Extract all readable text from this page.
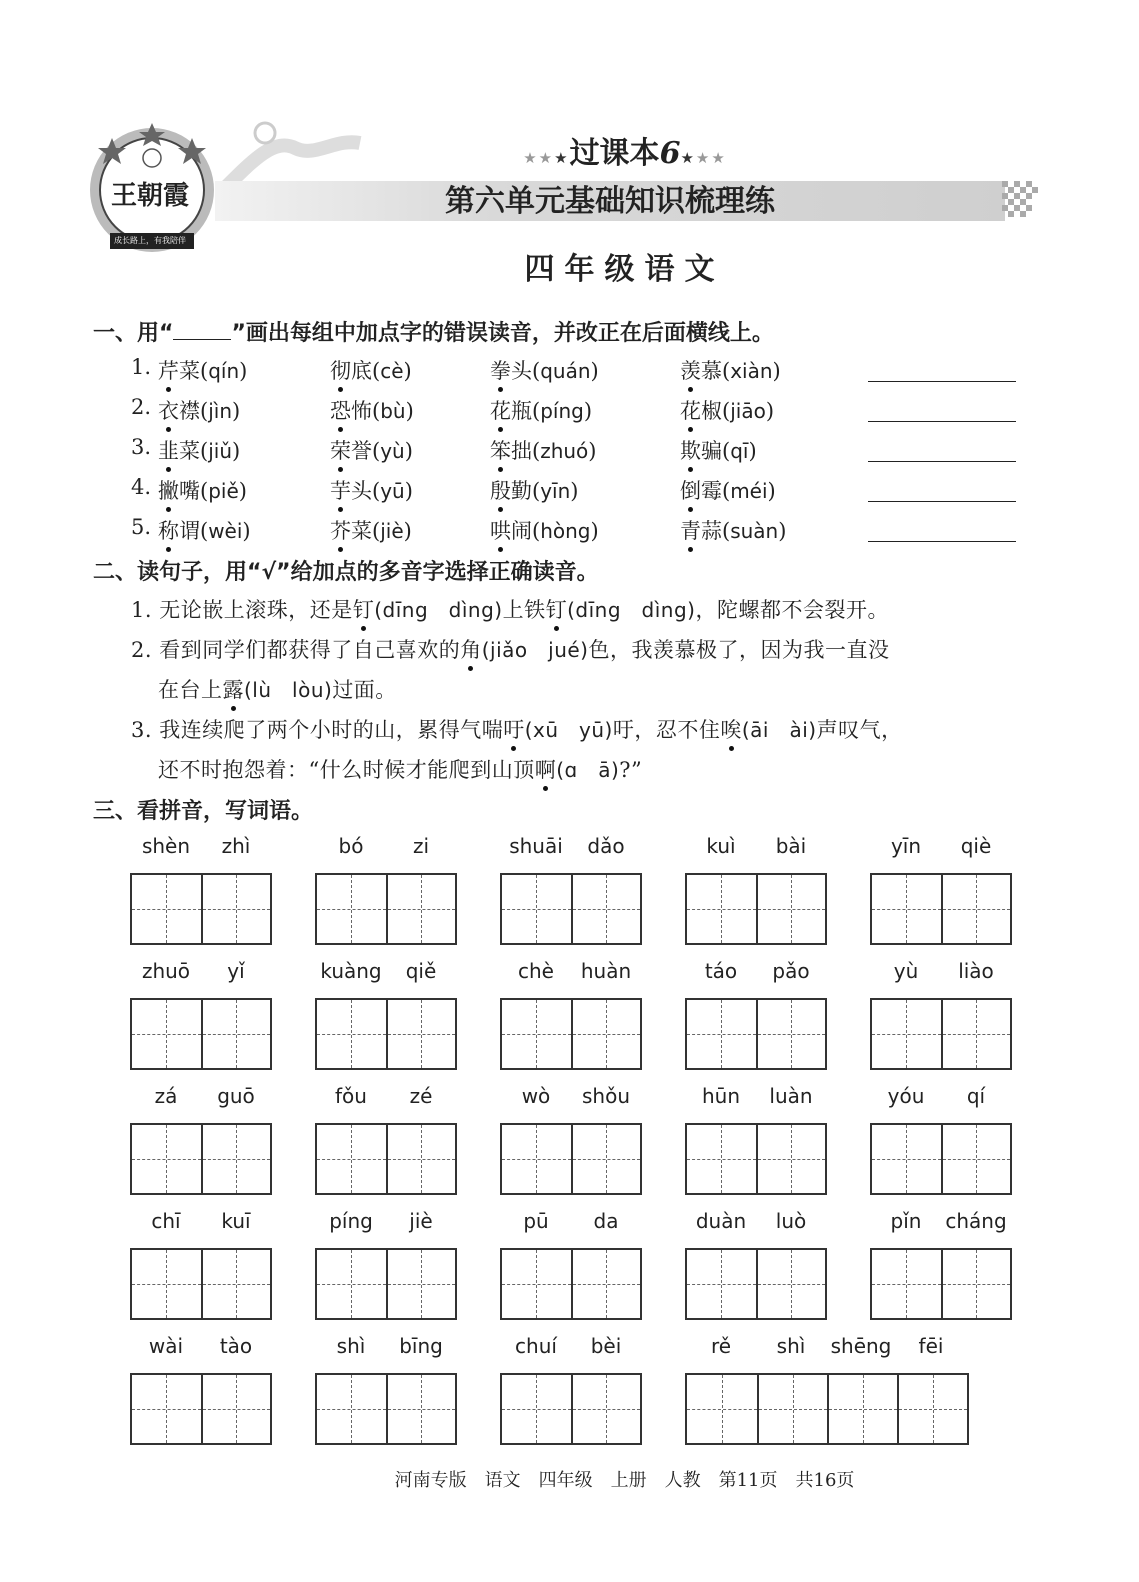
王朝霞
成长路上，有我陪伴
★★★过课本6★★★
第六单元基础知识梳理练
四年级语文
一、用“	”画出每组中加点字的错误读音，并改正在后面横线上。
1. 芹菜(qín)	彻底(cè)	拳头(quán)	羡慕(xiàn)
2. 衣襟(jìn)	恐怖(bù)	花瓶(píng)	花椒(jiāo)
3. 韭菜(jiǔ)	荣誉(yù)	笨拙(zhuó)	欺骗(qī)
4. 撇嘴(piě)	芋头(yū)	殷勤(yīn)	倒霉(méi)
5. 称谓(wèi)	芥菜(jiè)	哄闹(hòng)	青蒜(suàn)
二、读句子，用“√”给加点的多音字选择正确读音。
1. 无论嵌上滚珠，还是钉(dīng　dìng)上铁钉(dīng　dìng)，陀螺都不会裂开。
2. 看到同学们都获得了自己喜欢的角(jiǎo　jué)色，我羡慕极了，因为我一直没
在台上露(lù　lòu)过面。
3. 我连续爬了两个小时的山，累得气喘吁(xū　yū)吁，忍不住唉(āi　ài)声叹气，
还不时抱怨着：“什么时候才能爬到山顶啊(ɑ　ā)?”
三、看拼音，写词语。
shèn	zhì	bó	zi	shuāi	dǎo	kuì	bài	yīn	qiè
zhuō	yǐ	kuàng	qiě	chè	huàn	táo	pǎo	yù	liào
zá	guō	fǒu	zé	wò	shǒu	hūn	luàn	yóu	qí
chī	kuī	píng	jiè	pū	da	duàn	luò	pǐn	cháng
wài	tào	shì	bīng	chuí	bèi	rě	shì	shēng	fēi
河南专版　语文　四年级　上册　人教　第11页　共16页
